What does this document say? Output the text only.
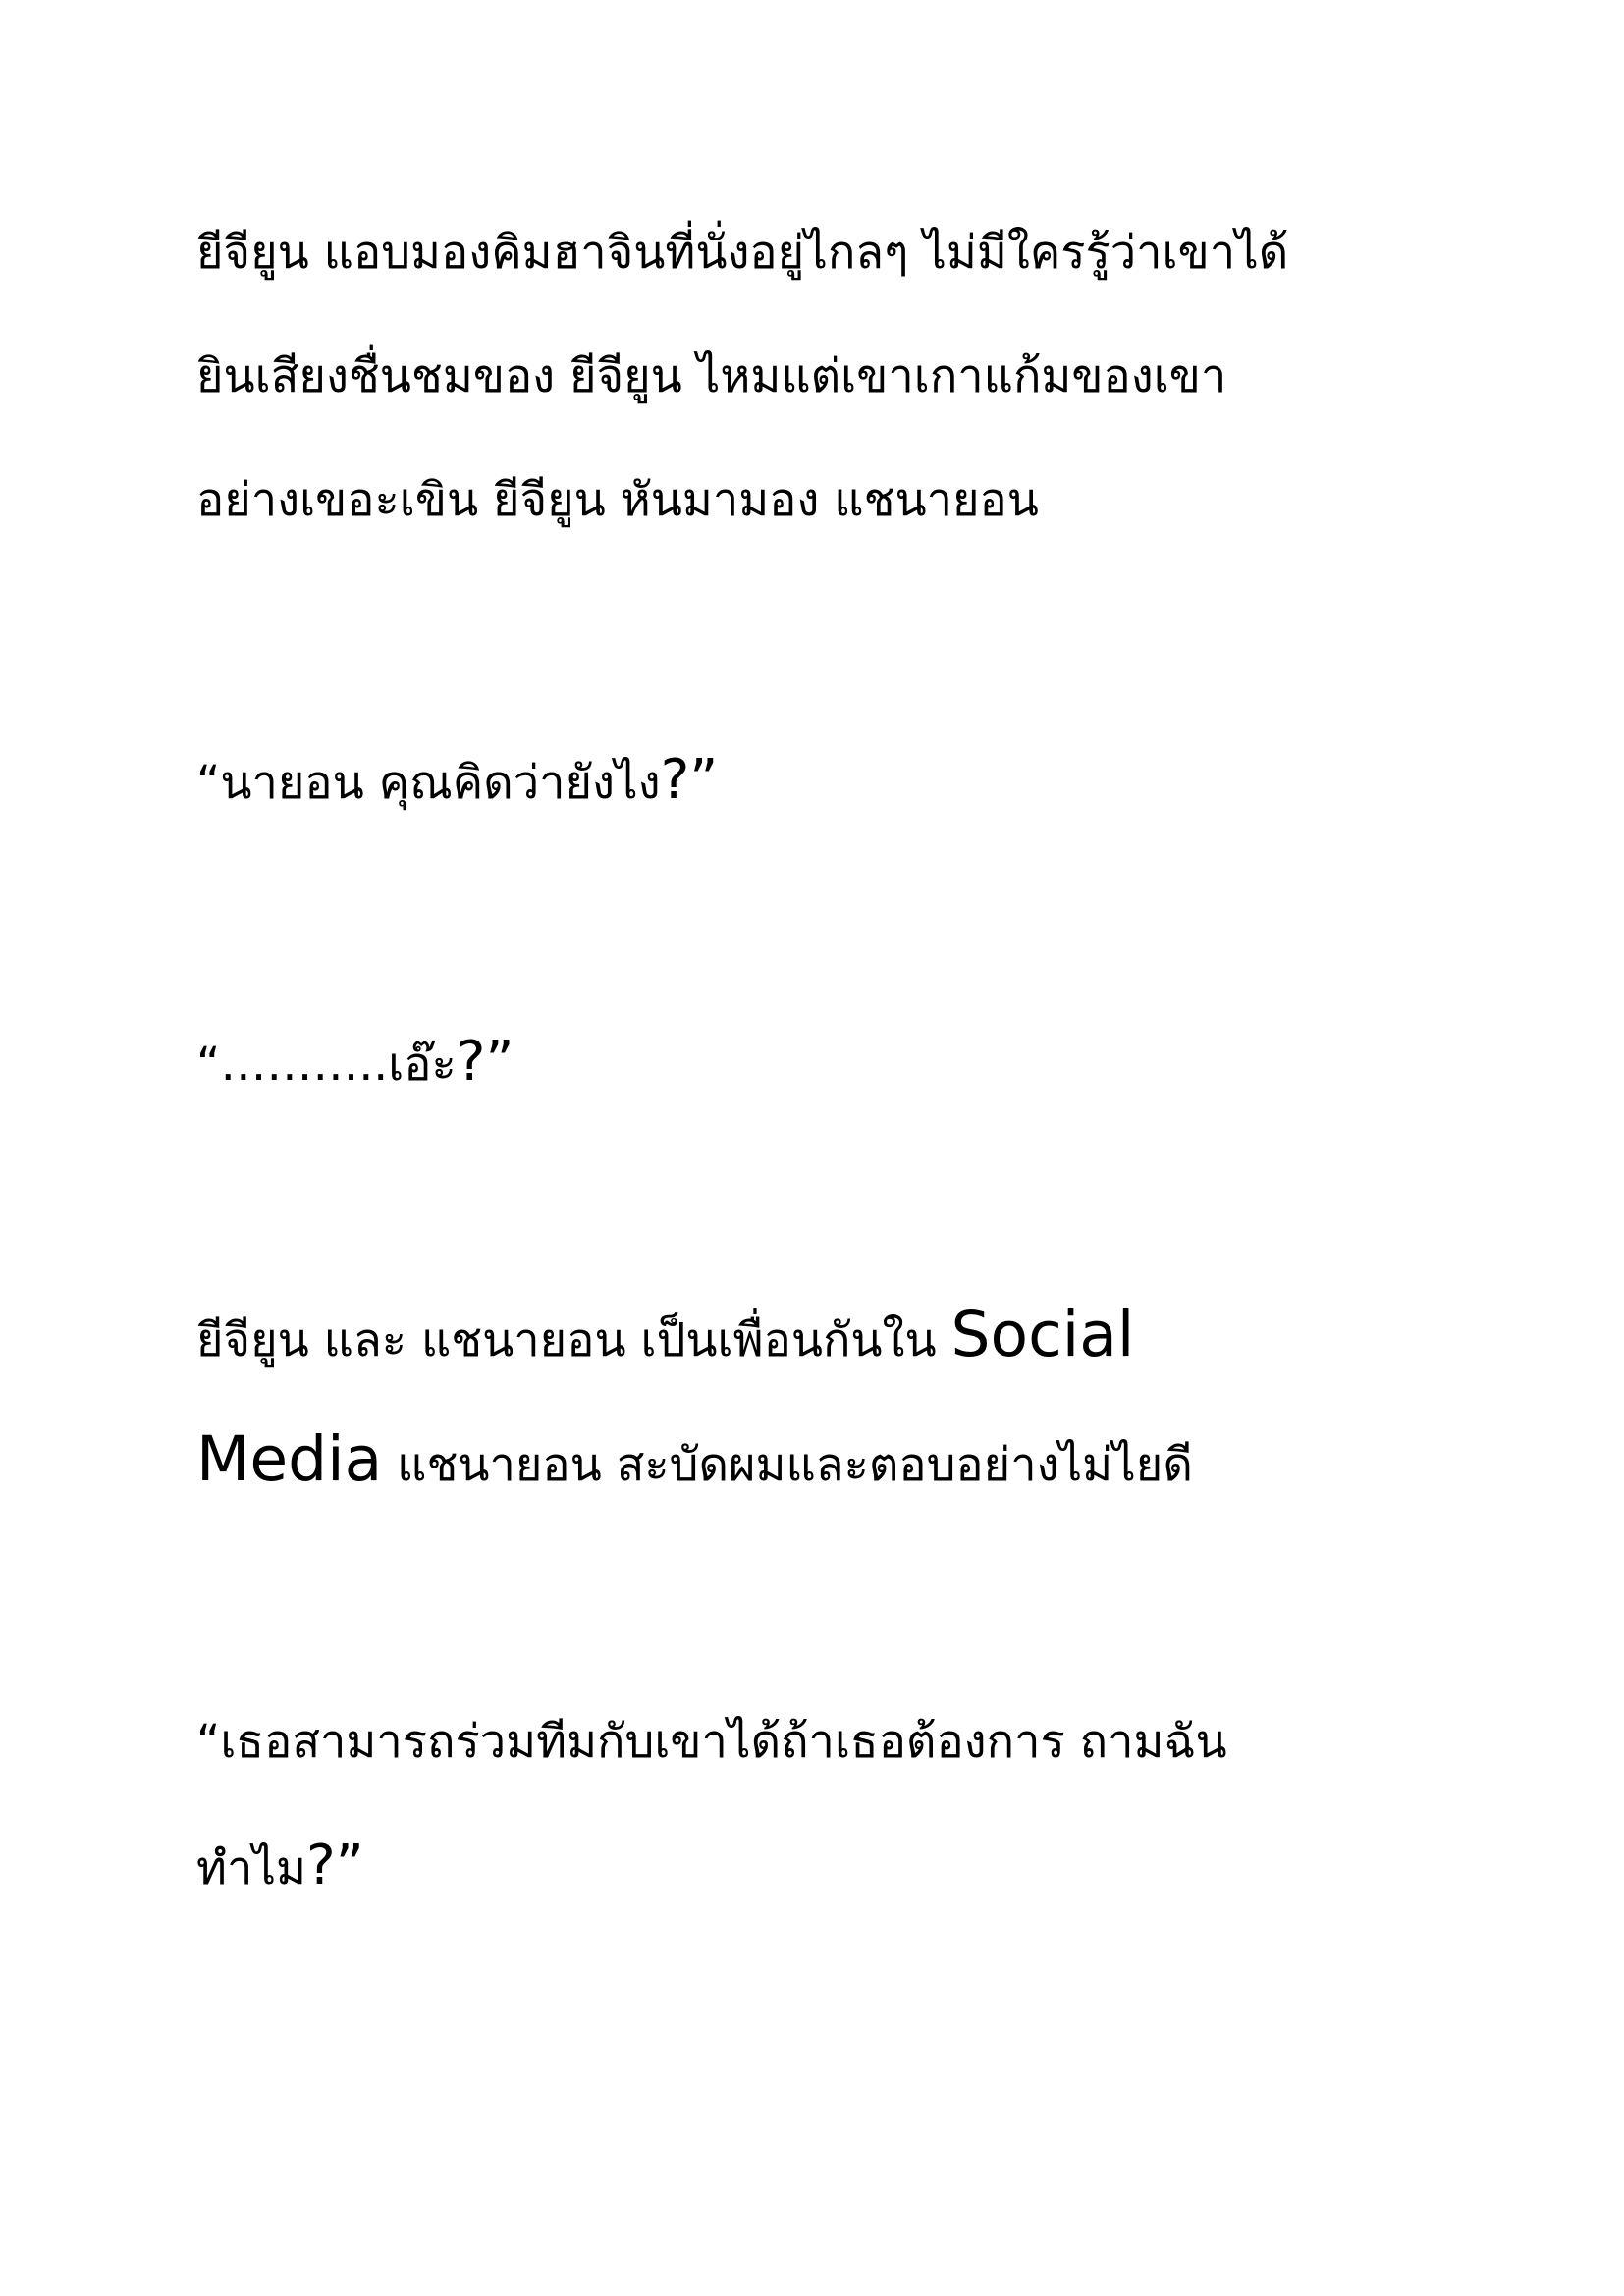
ยีจียูน แอบมองคิมฮาจินที่นั่งอยู่ไกลๆ ไม่มีใครรู้ว่าเขาได้
ยินเสียงชื่นชมของ ยีจียูน ไหมแต่เขาเกาแก้มของเขา
อย่างเขอะเขิน ยีจียูน หันมามอง แชนายอน
“นายอน คุณคิดว่ายังไง?”
“………..เอ๊ะ?”
ยีจียูน และ แชนายอน เป็นเพื่อนกันใน Social
Media แชนายอน สะบัดผมและตอบอย่างไม่ไยดี
“เธอสามารถร่วมทีมกับเขาได้ถ้าเธอต้องการ ถามฉัน
ทำไม?”
